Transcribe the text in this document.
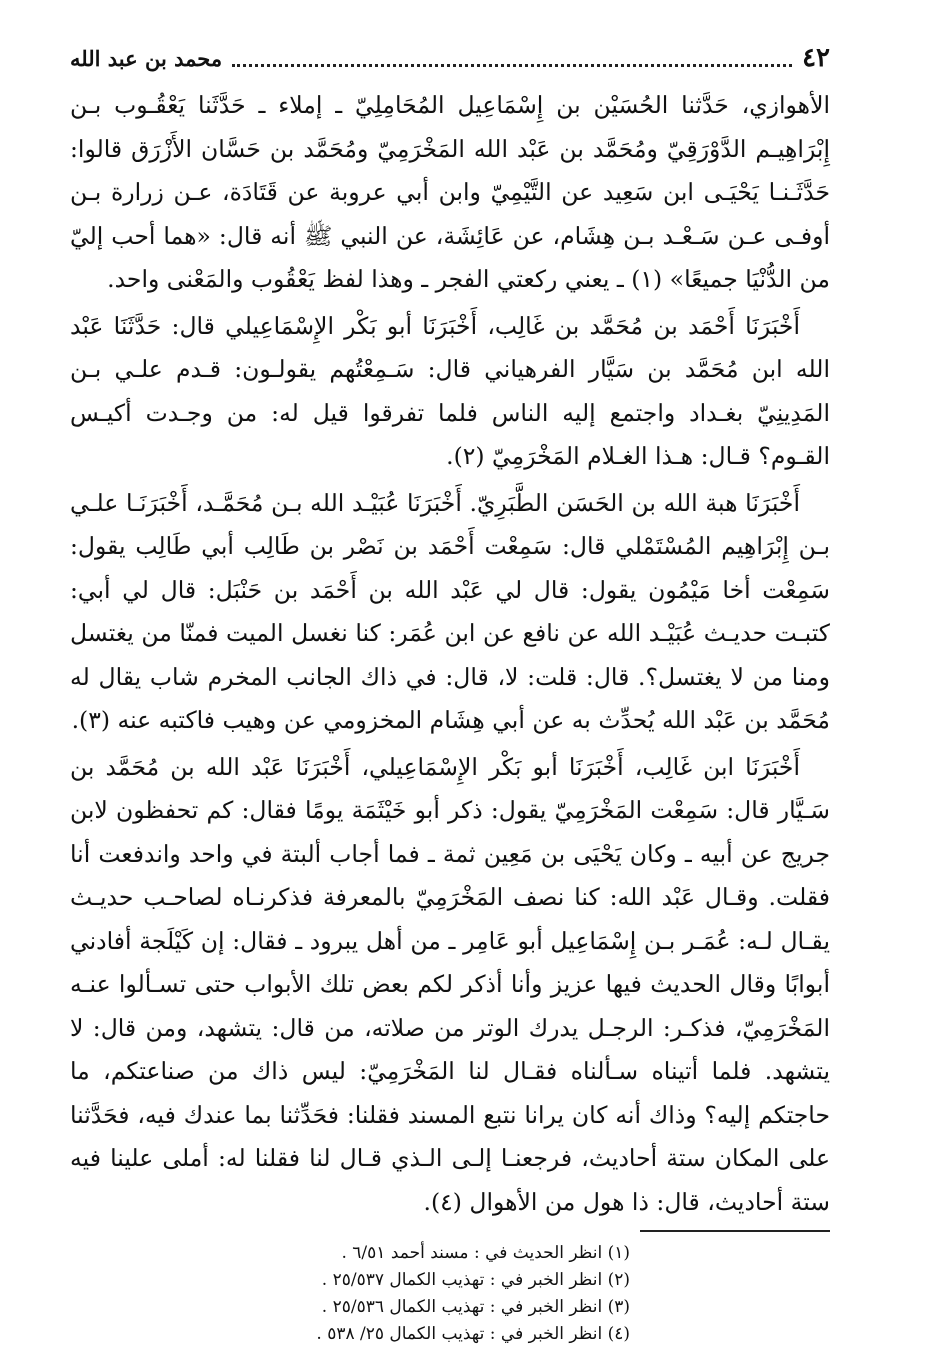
٤٢
محمد بن عبد الله

الأهوازي، حَدَّثنا الحُسَيْن بن إِسْمَاعِيل المُحَامِلِيّ ـ إملاء ـ حَدَّثَنا يَعْقُـوب بـن إِبْرَاهِيـم الدَّوْرَقِيّ ومُحَمَّد بن عَبْد الله المَخْرَمِيّ ومُحَمَّد بن حَسَّان الأَزْرَق قالوا: حَدَّثَـنـا يَحْيَـى ابن سَعِيد عن التَّيْمِيّ وابن أبي عروبة عن قَتَادَة، عـن زرارة بـن أوفـى عـن سَـعْـد بـن هِشَام، عن عَائِشَة، عن النبي ﷺ أنه قال: «هما أحب إليّ من الدُّنْيَا جميعًا» (١) ـ يعني ركعتي الفجر ـ وهذا لفظ يَعْقُوب والمَعْنى واحد.

أَخْبَرَنَا أَحْمَد بن مُحَمَّد بن غَالِب، أَخْبَرَنَا أبو بَكْر الإِسْمَاعِيلي قال: حَدَّثَنَا عَبْد الله ابن مُحَمَّد بن سَيَّار الفرهياني قال: سَـمِعْتُهم يقولـون: قـدم علـي بـن المَدِينِيّ بغـداد واجتمع إليه الناس فلما تفرقوا قيل له: من وجـدت أكيـس القـوم؟ قـال: هـذا الغـلام المَخْرَمِيّ (٢).

أَخْبَرَنَا هبة الله بن الحَسَن الطَّبَرِيّ. أَخْبَرَنَا عُبَيْـد الله بـن مُحَمَّـد، أَخْبَرَنَـا علـي بـن إِبْرَاهِيم المُسْتَمْلي قال: سَمِعْت أَحْمَد بن نَصْر بن طَالِب أبي طَالِب يقول: سَمِعْت أخا مَيْمُون يقول: قال لي عَبْد الله بن أَحْمَد بن حَنْبَل: قال لي أبي: كتبـت حديـث عُبَيْـد الله عن نافع عن ابن عُمَر: كنا نغسل الميت فمنّا من يغتسل ومنا من لا يغتسل؟. قال: قلت: لا، قال: في ذاك الجانب المخرم شاب يقال له مُحَمَّد بن عَبْد الله يُحدِّث به عن أبي هِشَام المخزومي عن وهيب فاكتبه عنه (٣).

أَخْبَرَنَا ابن غَالِب، أَخْبَرَنَا أبو بَكْر الإِسْمَاعِيلي، أَخْبَرَنَا عَبْد الله بن مُحَمَّد بن سَـيَّار قال: سَمِعْت المَخْرَمِيّ يقول: ذكر أبو خَيْثَمَة يومًا فقال: كم تحفظون لابن جريج عن أبيه ـ وكان يَحْيَى بن مَعِين ثمة ـ فما أجاب ألبتة في واحد واندفعت أنا فقلت. وقـال عَبْد الله: كنا نصف المَخْرَمِيّ بالمعرفة فذكرنـاه لصاحـب حديـث يقـال لـه: عُمَـر بـن إِسْمَاعِيل أبو عَامِر ـ من أهل يبرود ـ فقال: إن كَيْلَجة أفادني أبوابًا وقال الحديث فيها عزيز وأنا أذكر لكم بعض تلك الأبواب حتى تسـألوا عنـه المَخْرَمِيّ، فذكـر: الرجـل يدرك الوتر من صلاته، من قال: يتشهد، ومن قال: لا يتشهد. فلما أتيناه سـألناه فقـال لنا المَخْرَمِيّ: ليس ذاك من صناعتكم، ما حاجتكم إليه؟ وذاك أنه كان يرانا نتبع المسند فقلنا: فحَدِّثنا بما عندك فيه، فحَدَّثنا على المكان ستة أحاديث، فرجعنـا إلـى الـذي قـال لنا فقلنا له: أملى علينا فيه ستة أحاديث، قال: ذا هول من الأهوال (٤).

(١) انظر الحديث في : مسند أحمد ٦/٥١ .

(٢) انظر الخبر في : تهذيب الكمال ٢٥/٥٣٧ .

(٣) انظر الخبر في : تهذيب الكمال ٢٥/٥٣٦ .

(٤) انظر الخبر في : تهذيب الكمال ٢٥/ ٥٣٨ .
